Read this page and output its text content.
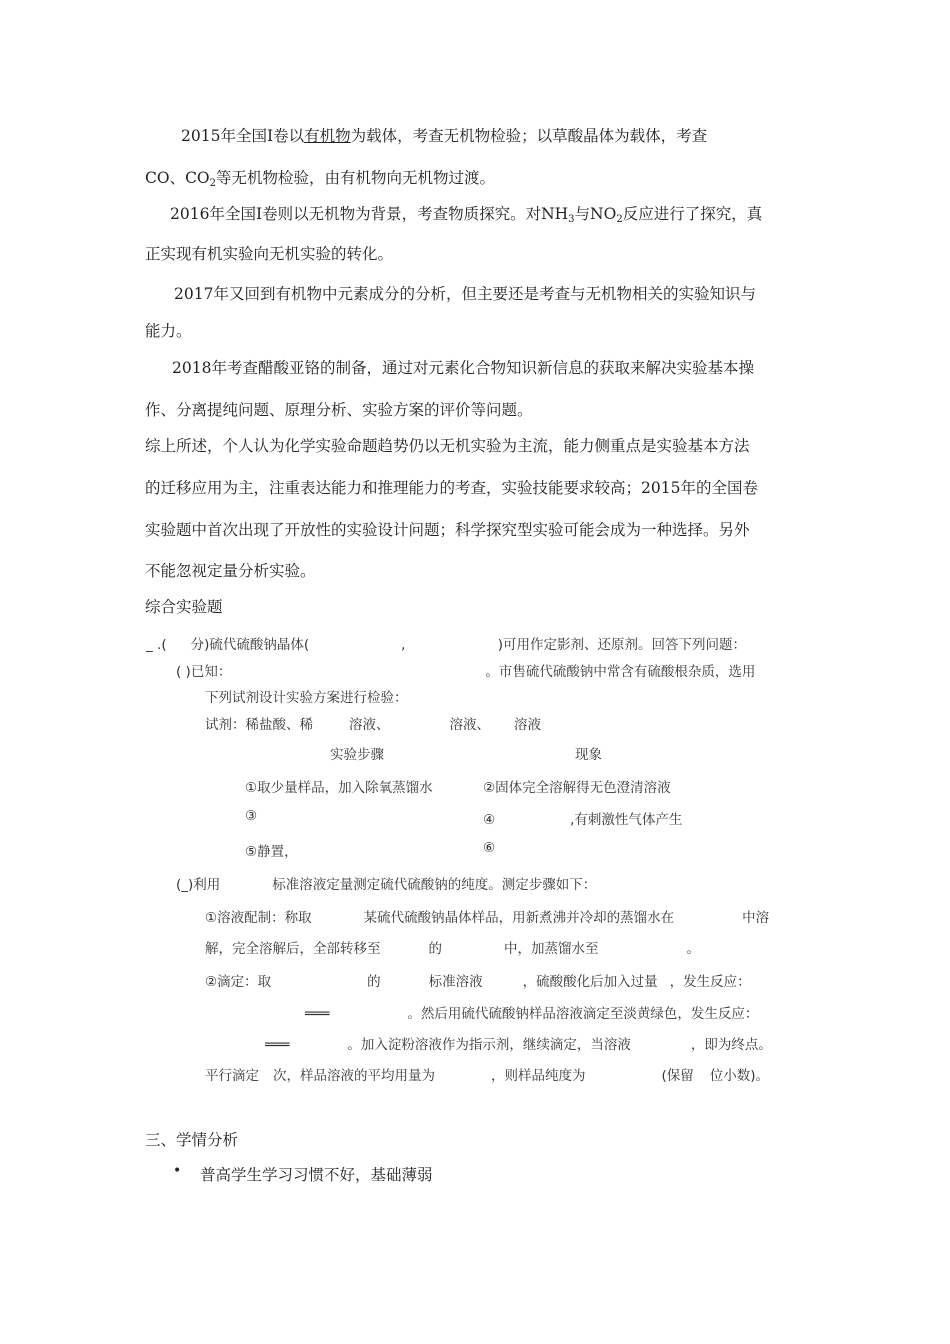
2015年全国Ⅰ卷以有机物为载体，考查无机物检验；以草酸晶体为载体，考查
CO、$CO_2$等无机物检验，由有机物向无机物过渡。
2016年全国Ⅰ卷则以无机物为背景，考查物质探究。对$NH_3$与$NO_2$反应进行了探究，真
正实现有机实验向无机实验的转化。
2017年又回到有机物中元素成分的分析，但主要还是考查与无机物相关的实验知识与
能力。
2018年考查醋酸亚铬的制备，通过对元素化合物知识新信息的获取来解决实验基本操
作、分离提纯问题、原理分析、实验方案的评价等问题。
综上所述，个人认为化学实验命题趋势仍以无机实验为主流，能力侧重点是实验基本方法
的迁移应用为主，注重表达能力和推理能力的考查，实验技能要求较高；2015年的全国卷
实验题中首次出现了开放性的实验设计问题；科学探究型实验可能会成为一种选择。另外
不能忽视定量分析实验。
综合实验题
_ .( 分)硫代硫酸钠晶体(	,	)可用作定影剂、还原剂。回答下列问题：
( )已知：	。市售硫代硫酸钠中常含有硫酸根杂质，选用
下列试剂设计实验方案进行检验：
试剂：稀盐酸、稀	溶液、	溶液、 溶液
实验步骤	现象
①取少量样品，加入除氧蒸馏水	②固体完全溶解得无色澄清溶液
③	④	,有刺激性气体产生
⑤静置，	⑥
(_)利用	标准溶液定量测定硫代硫酸钠的纯度。测定步骤如下：
①溶液配制：称取	某硫代硫酸钠晶体样品，用新煮沸并冷却的蒸馏水在	中溶
解，完全溶解后，全部转移至	的	中，加蒸馏水至	。
②滴定：取	的	标准溶液	，硫酸酸化后加入过量 ，发生反应：
═══	。然后用硫代硫酸钠样品溶液滴定至淡黄绿色，发生反应：
═══	。加入淀粉溶液作为指示剂，继续滴定，当溶液	，即为终点。
平行滴定 次，样品溶液的平均用量为	，则样品纯度为	(保留 位小数)。
三、学情分析
• 普高学生学习习惯不好，基础薄弱
